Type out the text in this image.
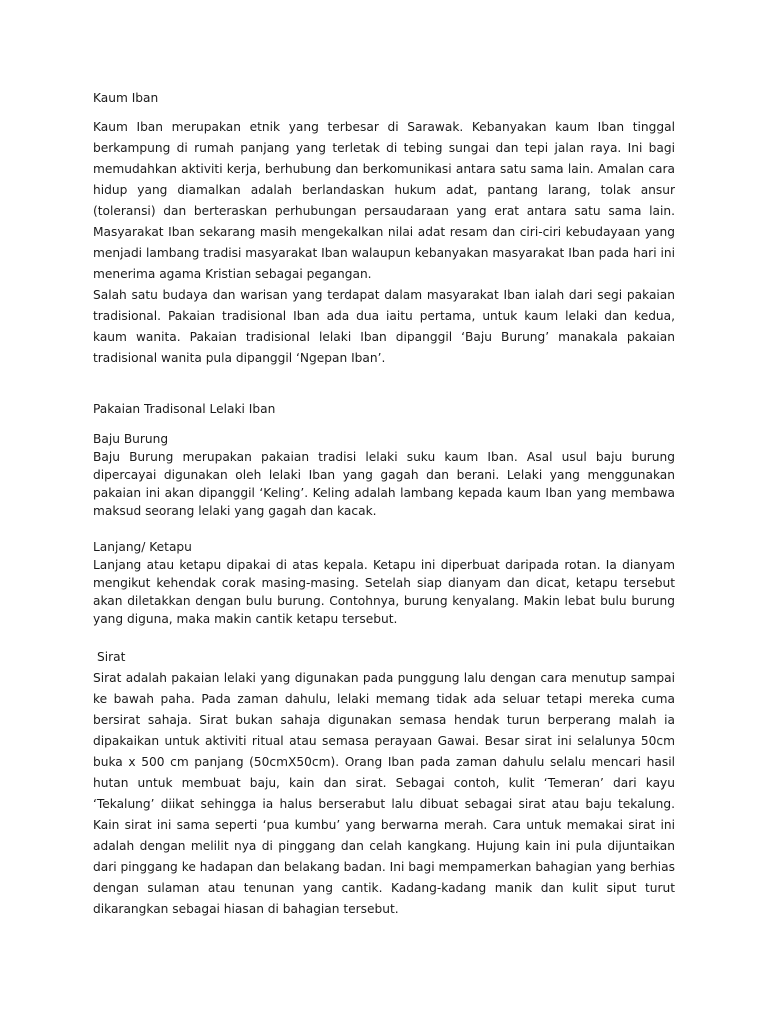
Kaum Iban

Kaum Iban merupakan etnik yang terbesar di Sarawak. Kebanyakan kaum Iban tinggal berkampung di rumah panjang yang terletak di tebing sungai dan tepi jalan raya. Ini bagi memudahkan aktiviti kerja, berhubung dan berkomunikasi antara satu sama lain. Amalan cara hidup yang diamalkan adalah berlandaskan hukum adat, pantang larang, tolak ansur (toleransi) dan berteraskan perhubungan persaudaraan yang erat antara satu sama lain. Masyarakat Iban sekarang masih mengekalkan nilai adat resam dan ciri-ciri kebudayaan yang menjadi lambang tradisi masyarakat Iban walaupun kebanyakan masyarakat Iban pada hari ini menerima agama Kristian sebagai pegangan.

Salah satu budaya dan warisan yang terdapat dalam masyarakat Iban ialah dari segi pakaian tradisional. Pakaian tradisional Iban ada dua iaitu pertama, untuk kaum lelaki dan kedua, kaum wanita. Pakaian tradisional lelaki Iban dipanggil ‘Baju Burung’ manakala pakaian tradisional wanita pula dipanggil ‘Ngepan Iban’.

Pakaian Tradisonal Lelaki Iban
Baju Burung

Baju Burung merupakan pakaian tradisi lelaki suku kaum Iban. Asal usul baju burung dipercayai digunakan oleh lelaki Iban yang gagah dan berani. Lelaki yang menggunakan pakaian ini akan dipanggil ‘Keling’. Keling adalah lambang kepada kaum Iban yang membawa maksud seorang lelaki yang gagah dan kacak.

Lanjang/ Ketapu

Lanjang atau ketapu dipakai di atas kepala. Ketapu ini diperbuat daripada rotan. Ia dianyam mengikut kehendak corak masing-masing. Setelah siap dianyam dan dicat, ketapu tersebut akan diletakkan dengan bulu burung. Contohnya, burung kenyalang. Makin lebat bulu burung yang diguna, maka makin cantik ketapu tersebut.

Sirat

Sirat adalah pakaian lelaki yang digunakan pada punggung lalu dengan cara menutup sampai ke bawah paha. Pada zaman dahulu, lelaki memang tidak ada seluar tetapi mereka cuma bersirat sahaja. Sirat bukan sahaja digunakan semasa hendak turun berperang malah ia dipakaikan untuk aktiviti ritual atau semasa perayaan Gawai. Besar sirat ini selalunya 50cm buka x 500 cm panjang (50cmX50cm). Orang Iban pada zaman dahulu selalu mencari hasil hutan untuk membuat baju, kain dan sirat. Sebagai contoh, kulit ‘Temeran’ dari kayu ‘Tekalung’ diikat sehingga ia halus berserabut lalu dibuat sebagai sirat atau baju tekalung. Kain sirat ini sama seperti ‘pua kumbu’ yang berwarna merah. Cara untuk memakai sirat ini adalah dengan melilit nya di pinggang dan celah kangkang. Hujung kain ini pula dijuntaikan dari pinggang ke hadapan dan belakang badan. Ini bagi mempamerkan bahagian yang berhias dengan sulaman atau tenunan yang cantik. Kadang-kadang manik dan kulit siput turut dikarangkan sebagai hiasan di bahagian tersebut.
